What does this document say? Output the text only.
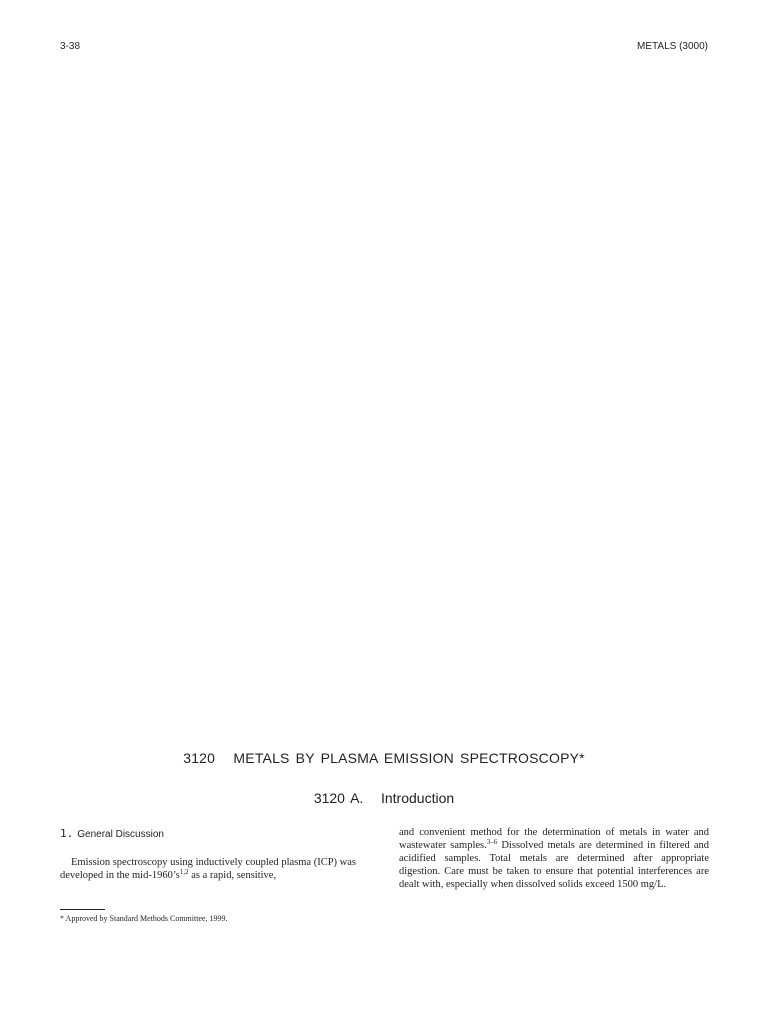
3-38	METALS (3000)
3120   METALS BY PLASMA EMISSION SPECTROSCOPY*
3120 A.   Introduction

1. General Discussion

Emission spectroscopy using inductively coupled plasma (ICP) was developed in the mid-$1960’s^{1,2}$ as a rapid, sensitive,

and convenient method for the determination of metals in water and wastewater samples.$^{3-6}$ Dissolved metals are determined in filtered and acidified samples. Total metals are determined after appropriate digestion. Care must be taken to ensure that potential interferences are dealt with, especially when dissolved solids exceed 1500 mg/L.

* Approved by Standard Methods Committee, 1999.
